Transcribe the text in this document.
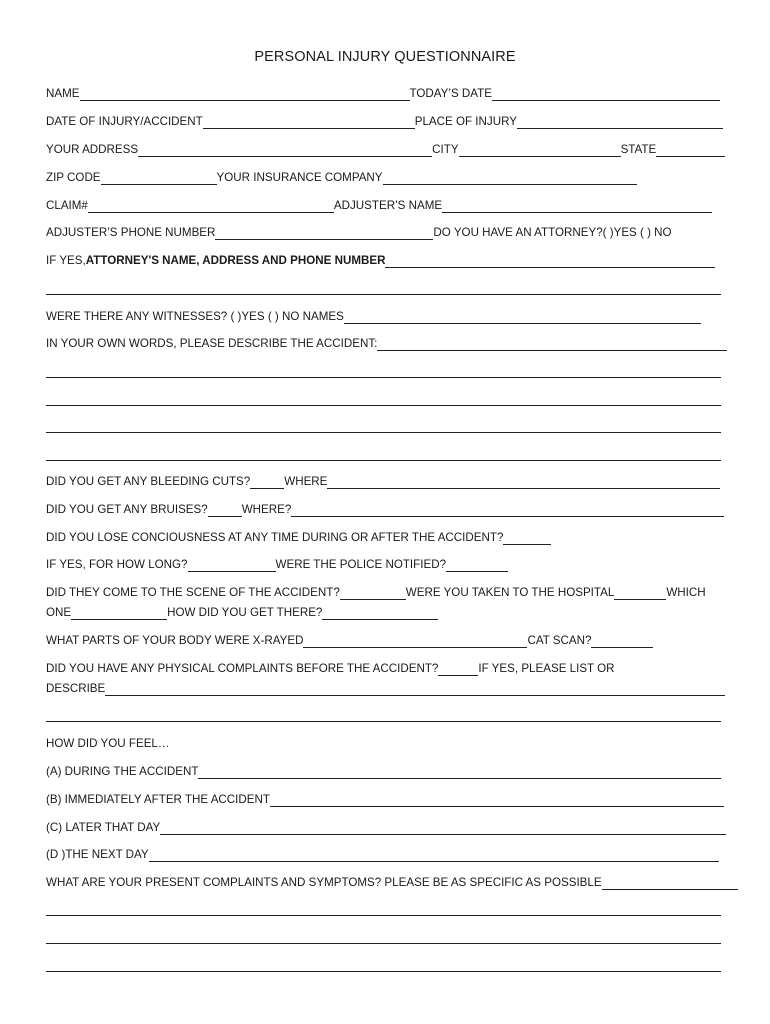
PERSONAL INJURY QUESTIONNAIRE
NAME	TODAY’S DATE
DATE OF INJURY/ACCIDENT	PLACE OF INJURY
YOUR ADDRESS	CITY	STATE
ZIP CODE	YOUR INSURANCE COMPANY
CLAIM#	ADJUSTER’S NAME
ADJUSTER’S PHONE NUMBER	DO YOU HAVE AN ATTORNEY?( )YES ( ) NO
IF YES, ATTORNEY'S NAME, ADDRESS AND PHONE NUMBER
WERE THERE ANY WITNESSES? ( )YES ( ) NO NAMES
IN YOUR OWN WORDS, PLEASE DESCRIBE THE ACCIDENT:
DID YOU GET ANY BLEEDING CUTS?	WHERE
DID YOU GET ANY BRUISES?	WHERE?
DID YOU LOSE CONCIOUSNESS AT ANY TIME DURING OR AFTER THE ACCIDENT?
IF YES, FOR HOW LONG?	WERE THE POLICE NOTIFIED?
DID THEY COME TO THE SCENE OF THE ACCIDENT?	WERE YOU TAKEN TO THE HOSPITAL	WHICH
ONE	HOW DID YOU GET THERE?
WHAT PARTS OF YOUR BODY WERE X-RAYED	CAT SCAN?
DID YOU HAVE ANY PHYSICAL COMPLAINTS BEFORE THE ACCIDENT?	IF YES, PLEASE LIST OR
DESCRIBE
HOW DID YOU FEEL…
(A) DURING THE ACCIDENT
(B) IMMEDIATELY AFTER THE ACCIDENT
(C) LATER THAT DAY
(D )THE NEXT DAY
WHAT ARE YOUR PRESENT COMPLAINTS AND SYMPTOMS? PLEASE BE AS SPECIFIC AS POSSIBLE
